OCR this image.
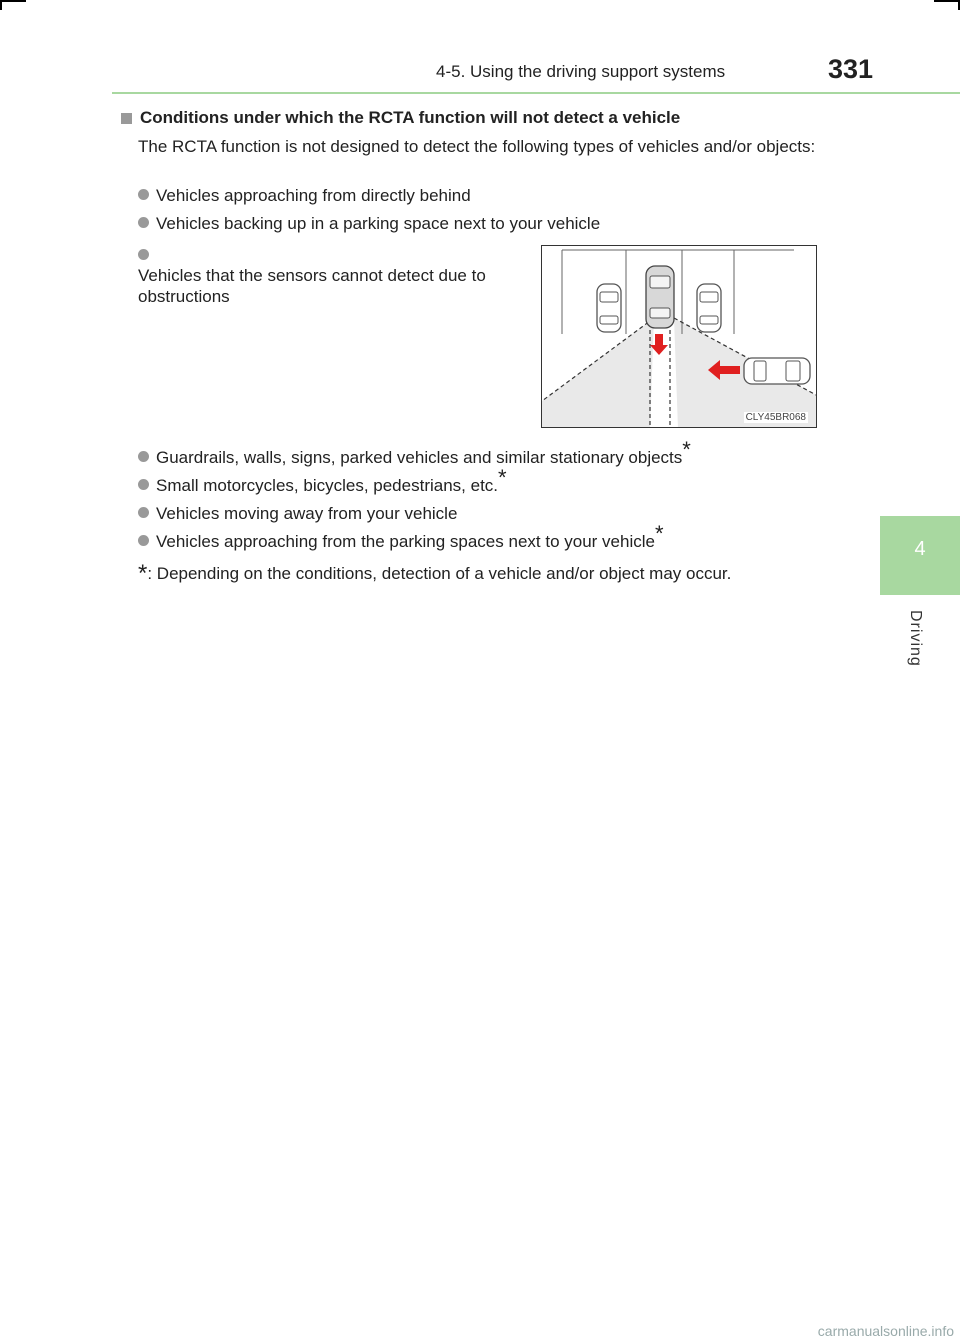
4-5. Using the driving support systems	331
4
Driving
Conditions under which the RCTA function will not detect a vehicle
The RCTA function is not designed to detect the following types of vehicles and/or objects:
Vehicles approaching from directly behind
Vehicles backing up in a parking space next to your vehicle
Vehicles that the sensors cannot detect due to obstructions
CLY45BR068
Guardrails, walls, signs, parked vehicles and similar stationary objects*
Small motorcycles, bicycles, pedestrians, etc.*
Vehicles moving away from your vehicle
Vehicles approaching from the parking spaces next to your vehicle*
*: Depending on the conditions, detection of a vehicle and/or object may occur.
carmanualsonline.info
